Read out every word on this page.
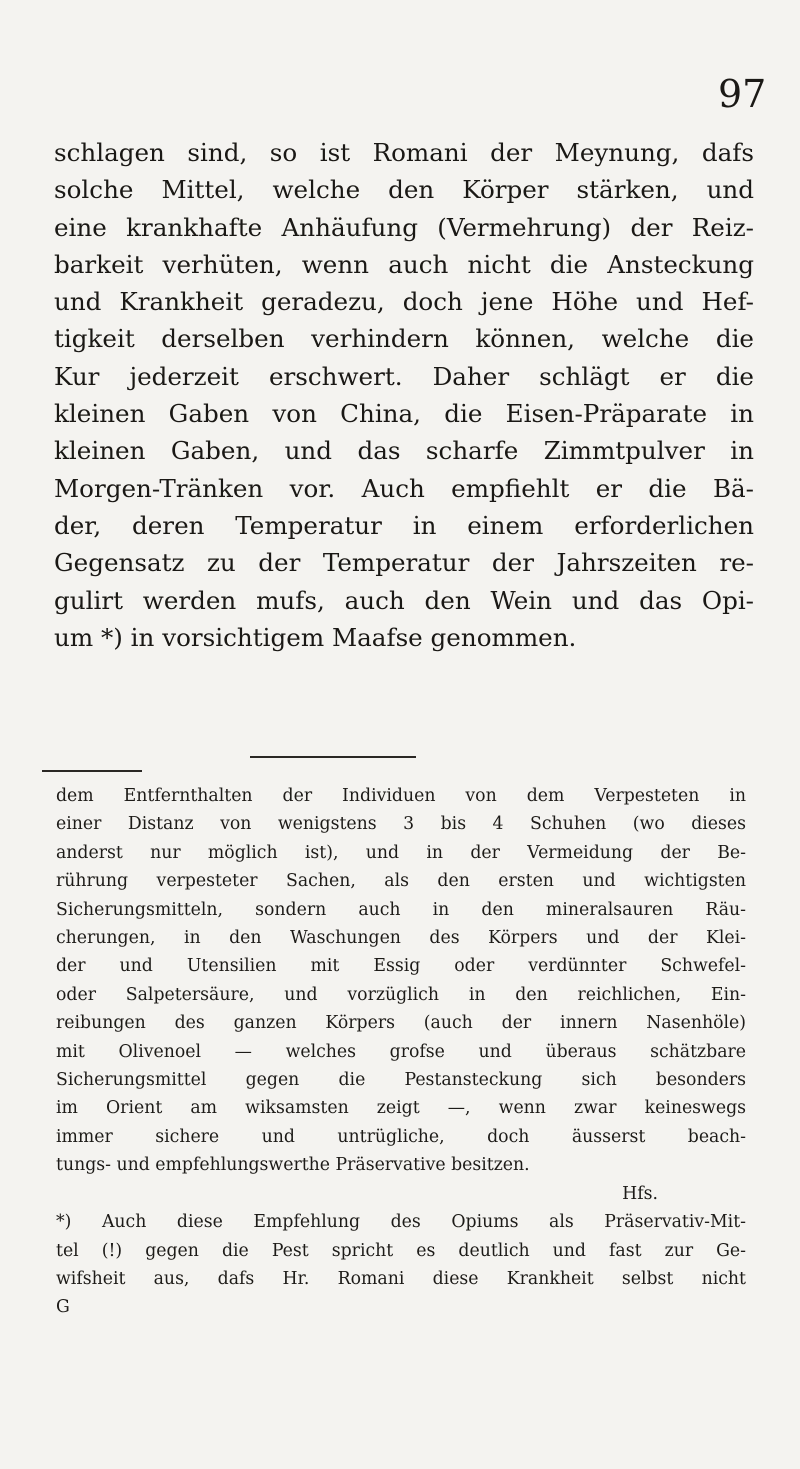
97
schlagen sind, so ist Romani der Meynung, dafs
solche Mittel, welche den Körper stärken, und
eine krankhafte Anhäufung (Vermehrung) der Reiz-
barkeit verhüten, wenn auch nicht die Ansteckung
und Krankheit geradezu, doch jene Höhe und Hef-
tigkeit derselben verhindern können, welche die
Kur jederzeit erschwert. Daher schlägt er die
kleinen Gaben von China, die Eisen-Präparate in
kleinen Gaben, und das scharfe Zimmtpulver in
Morgen-Tränken vor. Auch empfiehlt er die Bä-
der, deren Temperatur in einem erforderlichen
Gegensatz zu der Temperatur der Jahrszeiten re-
gulirt werden mufs, auch den Wein und das Opi-
um *) in vorsichtigem Maafse genommen.
dem Entfernthalten der Individuen von dem Verpesteten in
einer Distanz von wenigstens 3 bis 4 Schuhen (wo dieses
anderst nur möglich ist), und in der Vermeidung der Be-
rührung verpesteter Sachen, als den ersten und wichtigsten
Sicherungsmitteln, sondern auch in den mineralsauren Räu-
cherungen, in den Waschungen des Körpers und der Klei-
der und Utensilien mit Essig oder verdünnter Schwefel-
oder Salpetersäure, und vorzüglich in den reichlichen, Ein-
reibungen des ganzen Körpers (auch der innern Nasenhöle)
mit Olivenoel — welches grofse und überaus schätzbare
Sicherungsmittel gegen die Pestansteckung sich besonders
im Orient am wiksamsten zeigt —, wenn zwar keineswegs
immer sichere und untrügliche, doch äusserst beach-
tungs- und empfehlungswerthe Präservative besitzen.
Hfs.
*) Auch diese Empfehlung des Opiums als Präservativ-Mit-
tel (!) gegen die Pest spricht es deutlich und fast zur Ge-
wifsheit aus, dafs Hr. Romani diese Krankheit selbst nicht
G
